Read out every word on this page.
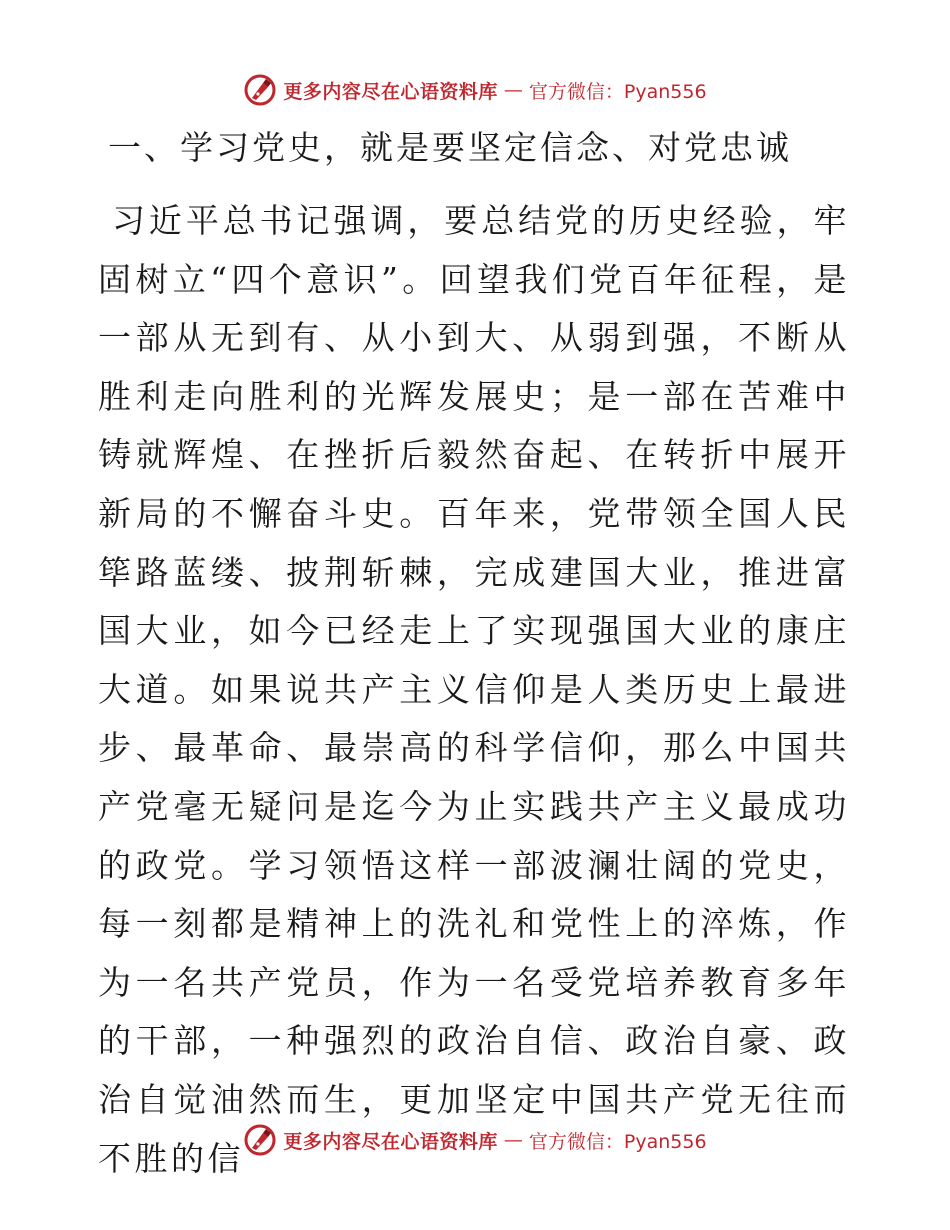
更多内容尽在心语资料库 — 官方微信：Pyan556
一、学习党史，就是要坚定信念、对党忠诚

习近平总书记强调，要总结党的历史经验，牢固树立“四个意识”。回望我们党百年征程，是一部从无到有、从小到大、从弱到强，不断从胜利走向胜利的光辉发展史；是一部在苦难中铸就辉煌、在挫折后毅然奋起、在转折中展开新局的不懈奋斗史。百年来，党带领全国人民筚路蓝缕、披荆斩棘，完成建国大业，推进富国大业，如今已经走上了实现强国大业的康庄大道。如果说共产主义信仰是人类历史上最进步、最革命、最崇高的科学信仰，那么中国共产党毫无疑问是迄今为止实践共产主义最成功的政党。学习领悟这样一部波澜壮阔的党史，每一刻都是精神上的洗礼和党性上的淬炼，作为一名共产党员，作为一名受党培养教育多年的干部，一种强烈的政治自信、政治自豪、政治自觉油然而生，更加坚定中国共产党无往而不胜的信	更多内容尽在心语资料库 — 官方微信：Pyan556
